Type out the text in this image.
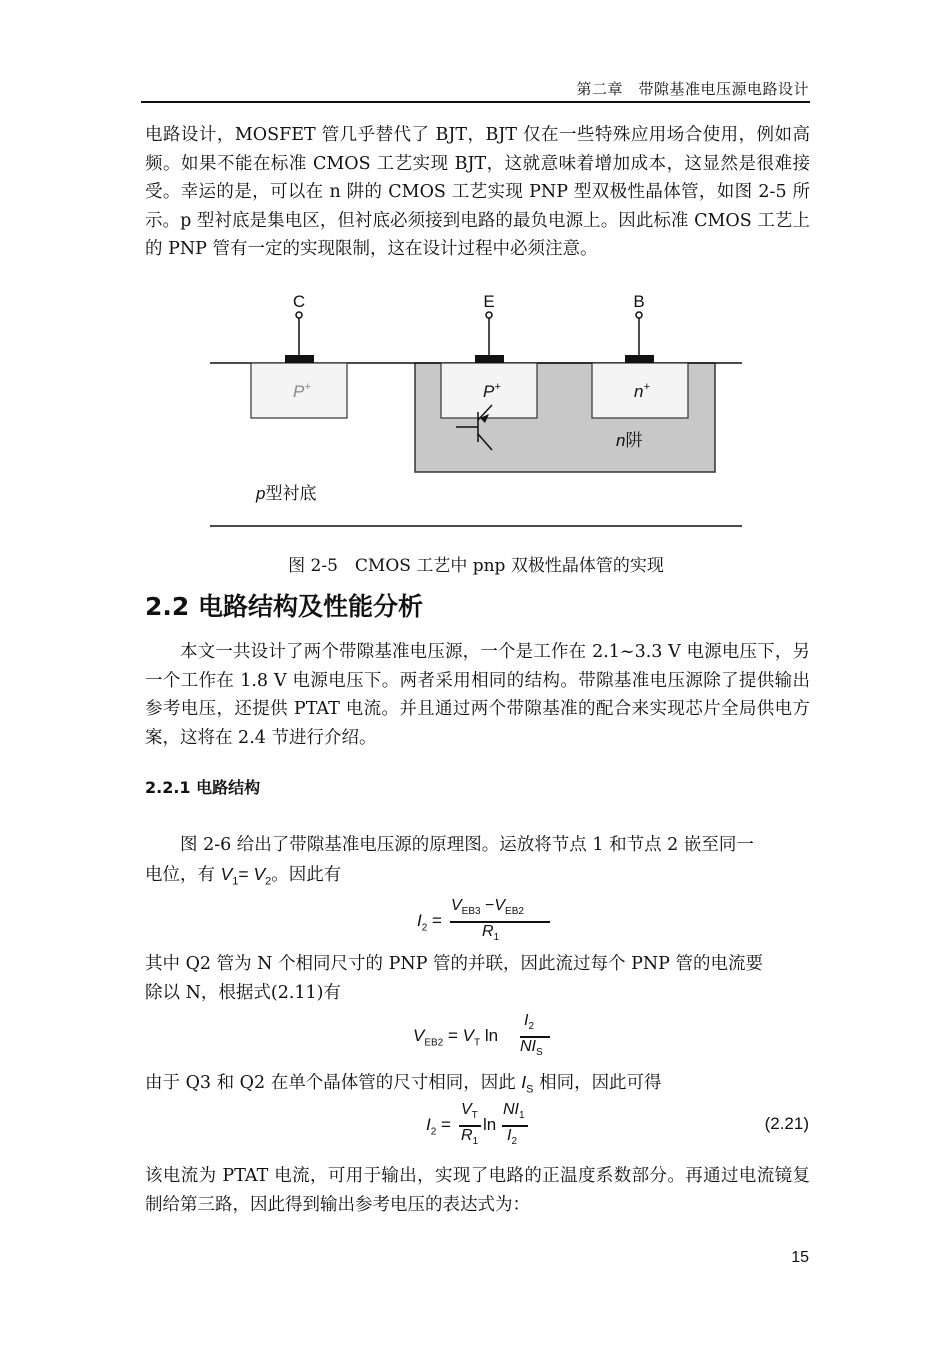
第二章　带隙基准电压源电路设计

电路设计，MOSFET 管几乎替代了 BJT，BJT 仅在一些特殊应用场合使用，例如高频。如果不能在标准 CMOS 工艺实现 BJT，这就意味着增加成本，这显然是很难接受。幸运的是，可以在 n 阱的 CMOS 工艺实现 PNP 型双极性晶体管，如图 2-5 所示。p 型衬底是集电区，但衬底必须接到电路的最负电源上。因此标准 CMOS 工艺上的 PNP 管有一定的实现限制，这在设计过程中必须注意。

C	E	B
P+	P+	n+
n阱
p型衬底
图 2-5　CMOS 工艺中 pnp 双极性晶体管的实现
2.2 电路结构及性能分析

本文一共设计了两个带隙基准电压源，一个是工作在 2.1~3.3 V 电源电压下，另一个工作在 1.8 V 电源电压下。两者采用相同的结构。带隙基准电压源除了提供输出参考电压，还提供 PTAT 电流。并且通过两个带隙基准的配合来实现芯片全局供电方案，这将在 2.4 节进行介绍。

2.2.1 电路结构
图 2-6 给出了带隙基准电压源的原理图。运放将节点 1 和节点 2 嵌至同一
电位，有 $V_1= V_2$。因此有
$I_2$ =
$V_{EB3} -V_{EB2}$
$R_1$
其中 Q2 管为 N 个相同尺寸的 PNP 管的并联，因此流过每个 PNP 管的电流要
除以 N，根据式(2.11)有
$V_{EB2} = V_T$ ln
$I_2$
$NI_S$
由于 Q3 和 Q2 在单个晶体管的尺寸相同，因此 $I_S$ 相同，因此可得
$I_2$ =
$V_T$
$R_1$
ln
$NI_1$
$I_2$
(2.21)

该电流为 PTAT 电流，可用于输出，实现了电路的正温度系数部分。再通过电流镜复制给第三路，因此得到输出参考电压的表达式为：

15
